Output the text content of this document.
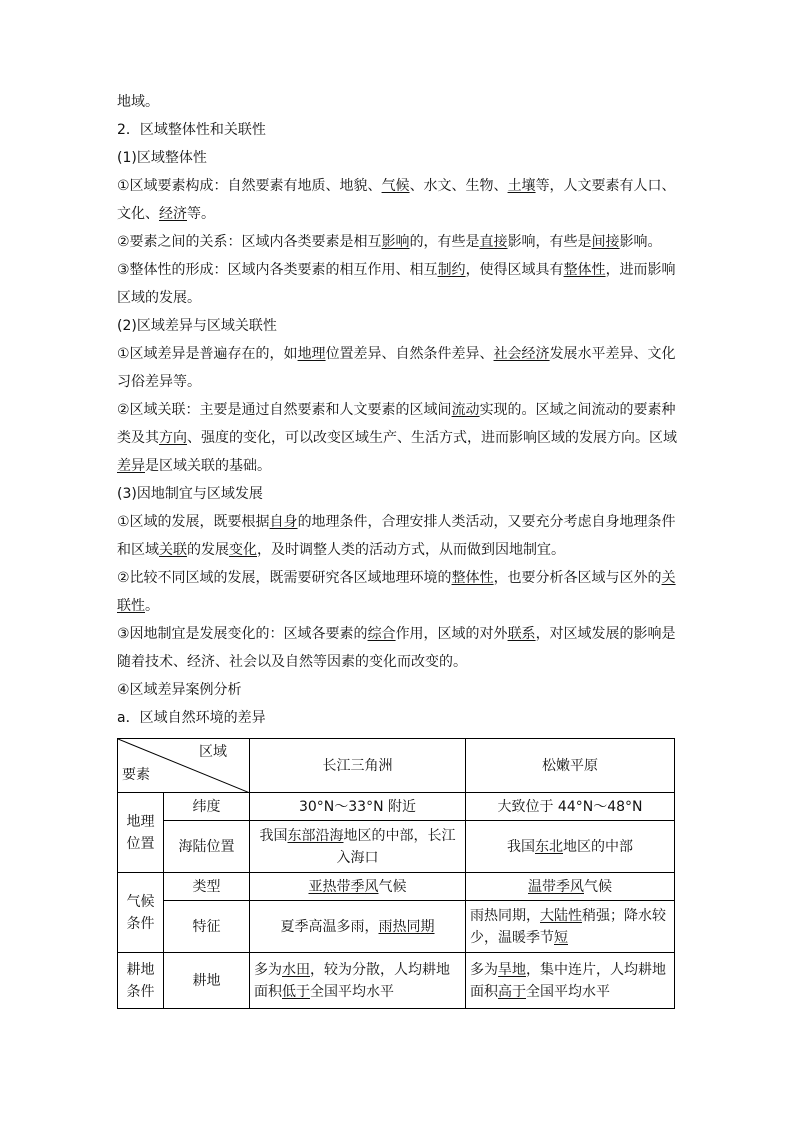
地域。

2．区域整体性和关联性

(1)区域整体性

①区域要素构成：自然要素有地质、地貌、气候、水文、生物、土壤等，人文要素有人口、

文化、经济等。

②要素之间的关系：区域内各类要素是相互影响的，有些是直接影响，有些是间接影响。

③整体性的形成：区域内各类要素的相互作用、相互制约，使得区域具有整体性，进而影响

区域的发展。

(2)区域差异与区域关联性

①区域差异是普遍存在的，如地理位置差异、自然条件差异、社会经济发展水平差异、文化

习俗差异等。

②区域关联：主要是通过自然要素和人文要素的区域间流动实现的。区域之间流动的要素种

类及其方向、强度的变化，可以改变区域生产、生活方式，进而影响区域的发展方向。区域

差异是区域关联的基础。

(3)因地制宜与区域发展

①区域的发展，既要根据自身的地理条件，合理安排人类活动，又要充分考虑自身地理条件

和区域关联的发展变化，及时调整人类的活动方式，从而做到因地制宜。

②比较不同区域的发展，既需要研究各区域地理环境的整体性，也要分析各区域与区外的关

联性。

③因地制宜是发展变化的：区域各要素的综合作用，区域的对外联系，对区域发展的影响是

随着技术、经济、社会以及自然等因素的变化而改变的。

④区域差异案例分析

a．区域自然环境的差异

区域
要素		长江三角洲	松嫩平原
地理位置	纬度	30°N～33°N 附近	大致位于 44°N～48°N
	海陆位置	我国东部沿海地区的中部，长江入海口	我国东北地区的中部
气候条件	类型	亚热带季风气候	温带季风气候
	特征	夏季高温多雨，雨热同期	雨热同期，大陆性稍强；降水较少，温暖季节短
耕地条件	耕地	多为水田，较为分散，人均耕地面积低于全国平均水平	多为旱地，集中连片，人均耕地面积高于全国平均水平
